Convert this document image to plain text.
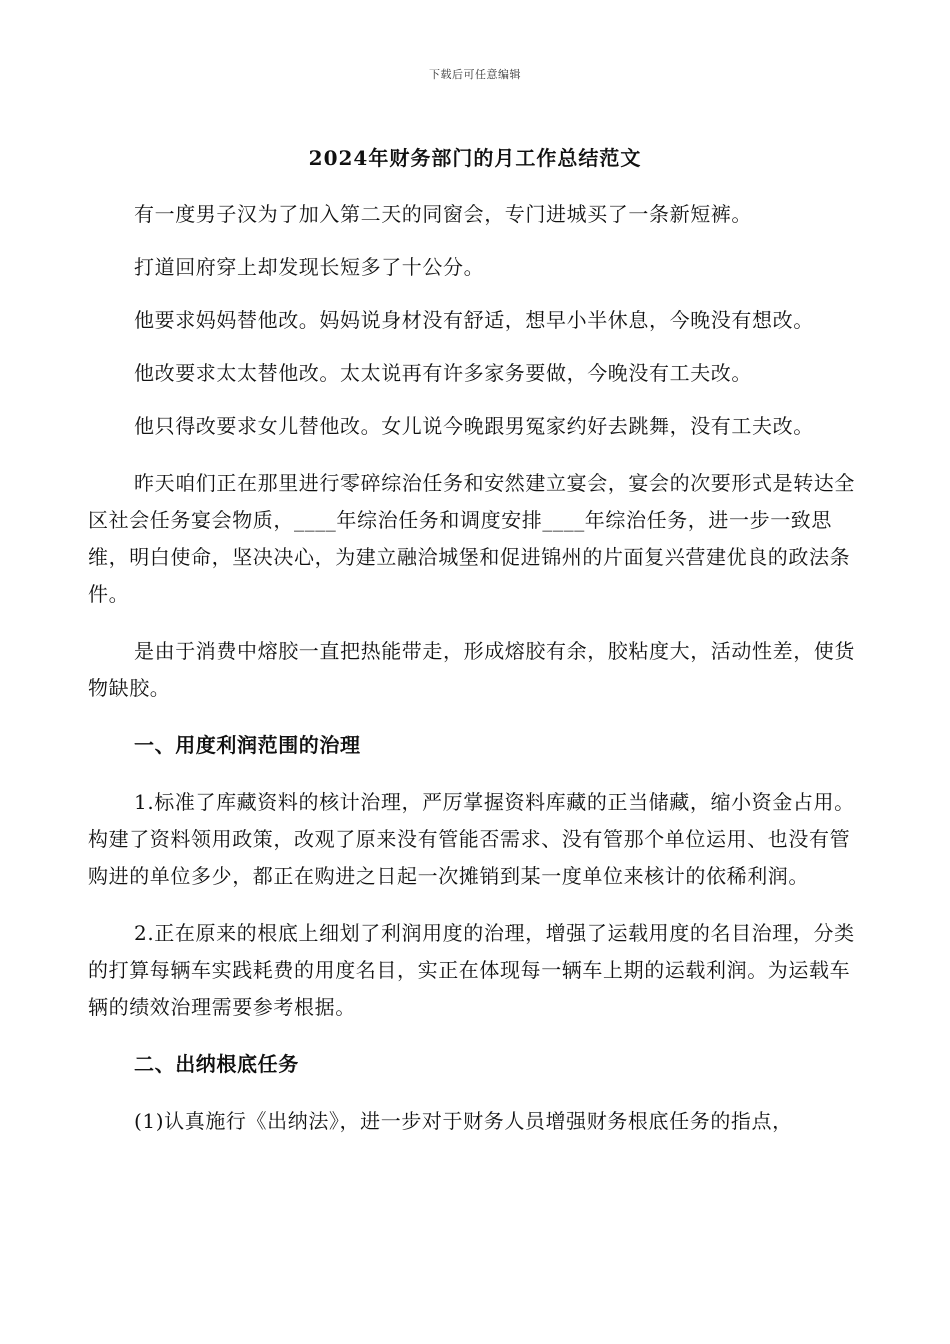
下载后可任意编辑
2024年财务部门的月工作总结范文

有一度男子汉为了加入第二天的同窗会，专门进城买了一条新短裤。

打道回府穿上却发现长短多了十公分。

他要求妈妈替他改。妈妈说身材没有舒适，想早小半休息，今晚没有想改。

他改要求太太替他改。太太说再有许多家务要做，今晚没有工夫改。

他只得改要求女儿替他改。女儿说今晚跟男冤家约好去跳舞，没有工夫改。

昨天咱们正在那里进行零碎综治任务和安然建立宴会，宴会的次要形式是转达全区社会任务宴会物质，____年综治任务和调度安排____年综治任务，进一步一致思维，明白使命，坚决决心，为建立融洽城堡和促进锦州的片面复兴营建优良的政法条件。

是由于消费中熔胶一直把热能带走，形成熔胶有余，胶粘度大，活动性差，使货物缺胶。

一、用度利润范围的治理

1.标准了库藏资料的核计治理，严厉掌握资料库藏的正当储藏，缩小资金占用。构建了资料领用政策，改观了原来没有管能否需求、没有管那个单位运用、也没有管购进的单位多少，都正在购进之日起一次摊销到某一度单位来核计的依稀利润。

2.正在原来的根底上细划了利润用度的治理，增强了运载用度的名目治理，分类的打算每辆车实践耗费的用度名目，实正在体现每一辆车上期的运载利润。为运载车辆的绩效治理需要参考根据。

二、出纳根底任务

(1)认真施行《出纳法》，进一步对于财务人员增强财务根底任务的指点，
